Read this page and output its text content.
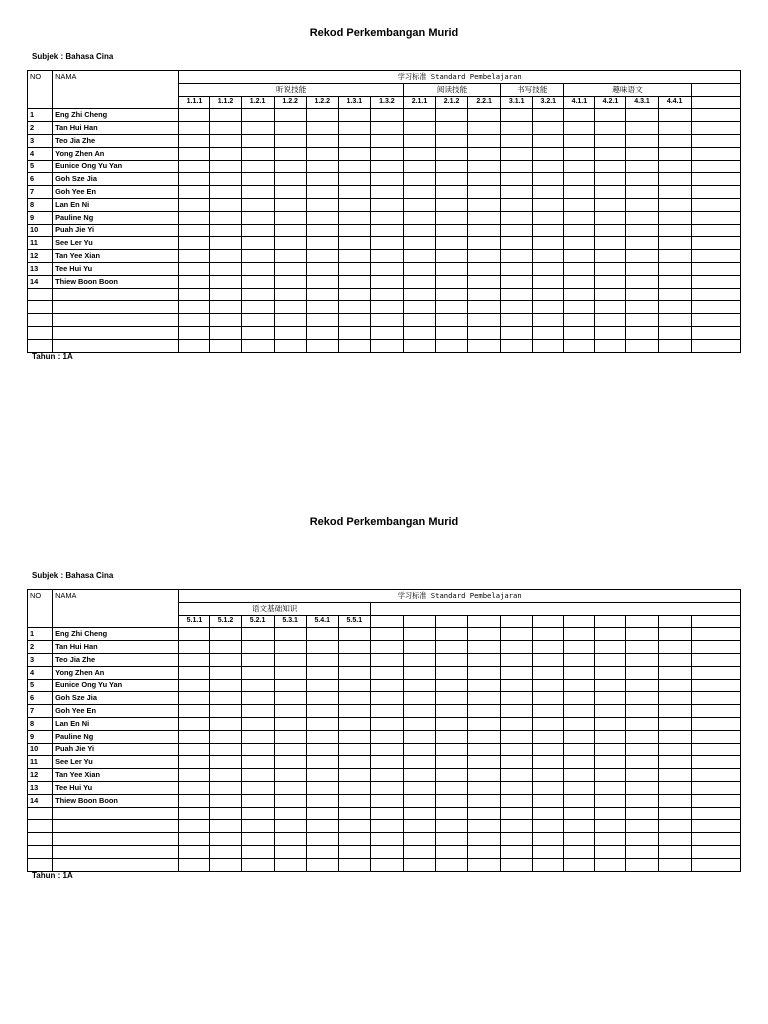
Rekod Perkembangan Murid
Subjek : Bahasa Cina
NO	NAMA	学习标准 Standard Pembelajaran																
		听说技能							阅读技能			书写技能		趣味语文				
		1.1.1	1.1.2	1.2.1	1.2.2	1.2.2	1.3.1	1.3.2	2.1.1	2.1.2	2.2.1	3.1.1	3.2.1	4.1.1	4.2.1	4.3.1	4.4.1	
1	Eng Zhi Cheng																	
2	Tan Hui Han																	
3	Teo Jia Zhe																	
4	Yong Zhen An																	
5	Eunice Ong Yu Yan																	
6	Goh Sze Jia																	
7	Goh Yee En																	
8	Lan En Ni																	
9	Pauline Ng																	
10	Puah Jie Yi																	
11	See Ler Yu																	
12	Tan Yee Xian																	
13	Tee Hui Yu																	
14	Thiew Boon Boon																	

Tahun : 1A
Rekod Perkembangan Murid
Subjek : Bahasa Cina
NO	NAMA	学习标准 Standard Pembelajaran																
		语文基础知识																
		5.1.1	5.1.2	5.2.1	5.3.1	5.4.1	5.5.1											
1	Eng Zhi Cheng																	
2	Tan Hui Han																	
3	Teo Jia Zhe																	
4	Yong Zhen An																	
5	Eunice Ong Yu Yan																	
6	Goh Sze Jia																	
7	Goh Yee En																	
8	Lan En Ni																	
9	Pauline Ng																	
10	Puah Jie Yi																	
11	See Ler Yu																	
12	Tan Yee Xian																	
13	Tee Hui Yu																	
14	Thiew Boon Boon																	

Tahun : 1A
